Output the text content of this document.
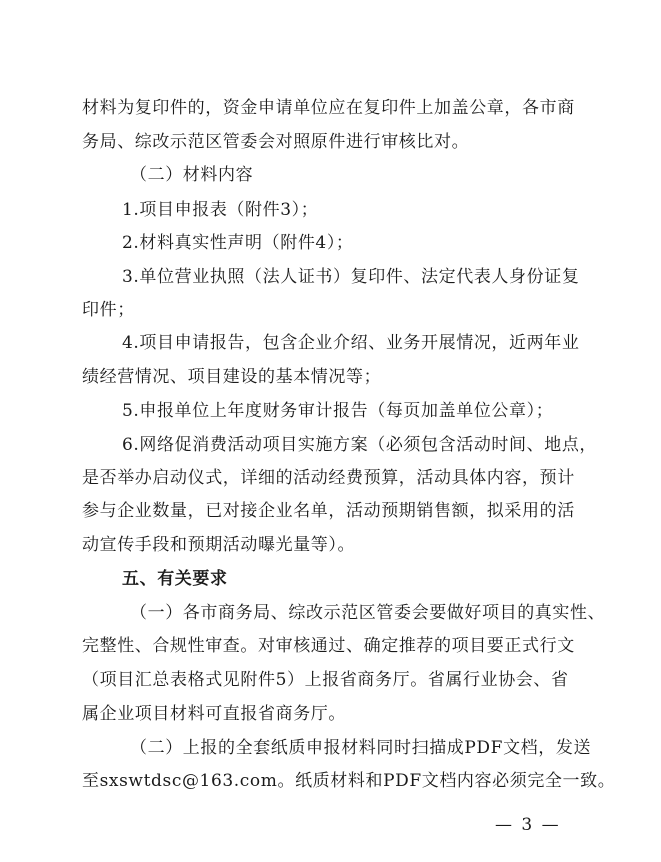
材料为复印件的，资金申请单位应在复印件上加盖公章，各市商
务局、综改示范区管委会对照原件进行审核比对。
（二）材料内容
1.项目申报表（附件3）；
2.材料真实性声明（附件4）；
3.单位营业执照（法人证书）复印件、法定代表人身份证复
印件；
4.项目申请报告，包含企业介绍、业务开展情况，近两年业
绩经营情况、项目建设的基本情况等；
5.申报单位上年度财务审计报告（每页加盖单位公章）；
6.网络促消费活动项目实施方案（必须包含活动时间、地点，
是否举办启动仪式，详细的活动经费预算，活动具体内容，预计
参与企业数量，已对接企业名单，活动预期销售额，拟采用的活
动宣传手段和预期活动曝光量等）。
五、有关要求
（一）各市商务局、综改示范区管委会要做好项目的真实性、
完整性、合规性审查。对审核通过、确定推荐的项目要正式行文
（项目汇总表格式见附件5）上报省商务厅。省属行业协会、省
属企业项目材料可直报省商务厅。
（二）上报的全套纸质申报材料同时扫描成PDF文档，发送
至sxswtdsc@163.com。纸质材料和PDF文档内容必须完全一致。
— 3 —
